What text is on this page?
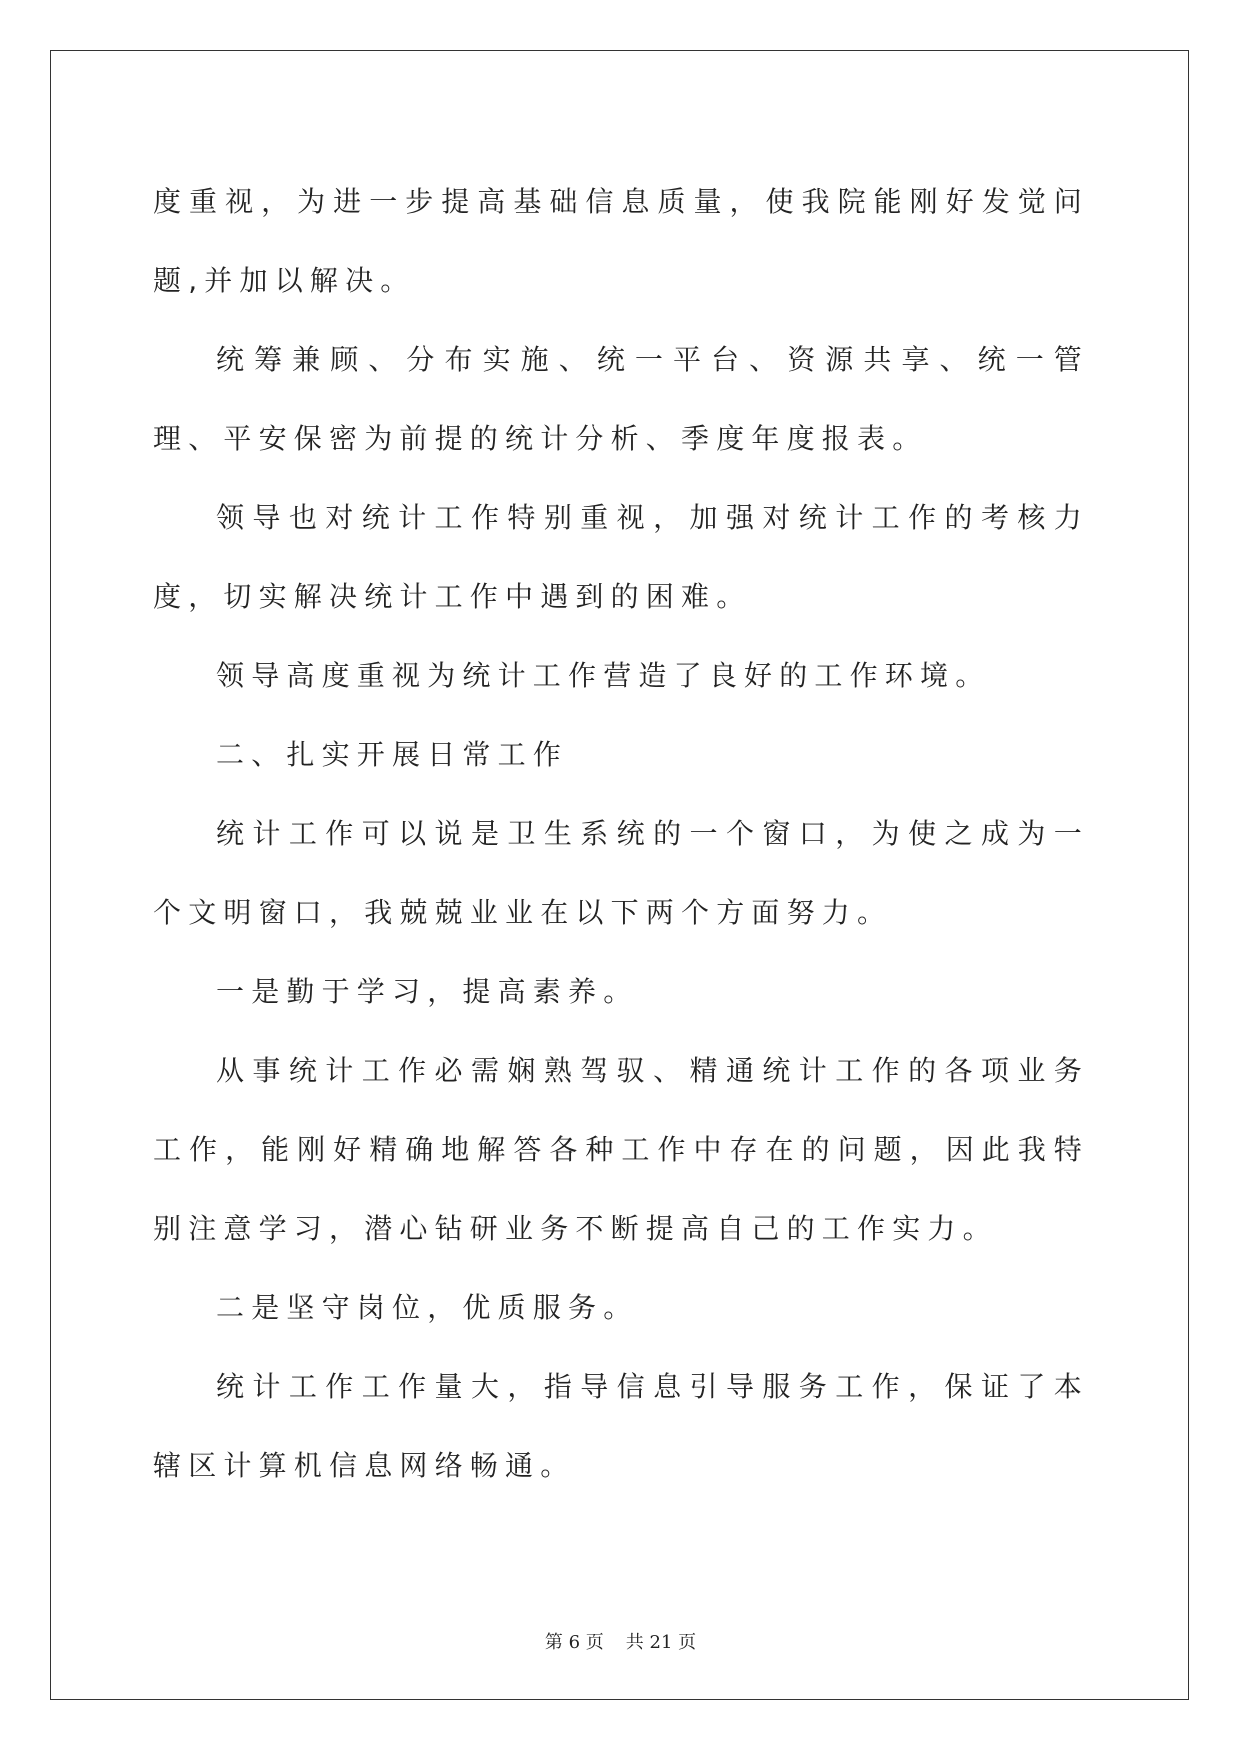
度重视，为进一步提高基础信息质量，使我院能刚好发觉问题,并加以解决。

统筹兼顾、分布实施、统一平台、资源共享、统一管理、平安保密为前提的统计分析、季度年度报表。

领导也对统计工作特别重视，加强对统计工作的考核力度，切实解决统计工作中遇到的困难。

领导高度重视为统计工作营造了良好的工作环境。

二、扎实开展日常工作

统计工作可以说是卫生系统的一个窗口，为使之成为一个文明窗口，我兢兢业业在以下两个方面努力。

一是勤于学习，提高素养。

从事统计工作必需娴熟驾驭、精通统计工作的各项业务工作，能刚好精确地解答各种工作中存在的问题，因此我特别注意学习，潜心钻研业务不断提高自己的工作实力。

二是坚守岗位，优质服务。

统计工作工作量大，指导信息引导服务工作，保证了本辖区计算机信息网络畅通。

第 6 页 共 21 页
